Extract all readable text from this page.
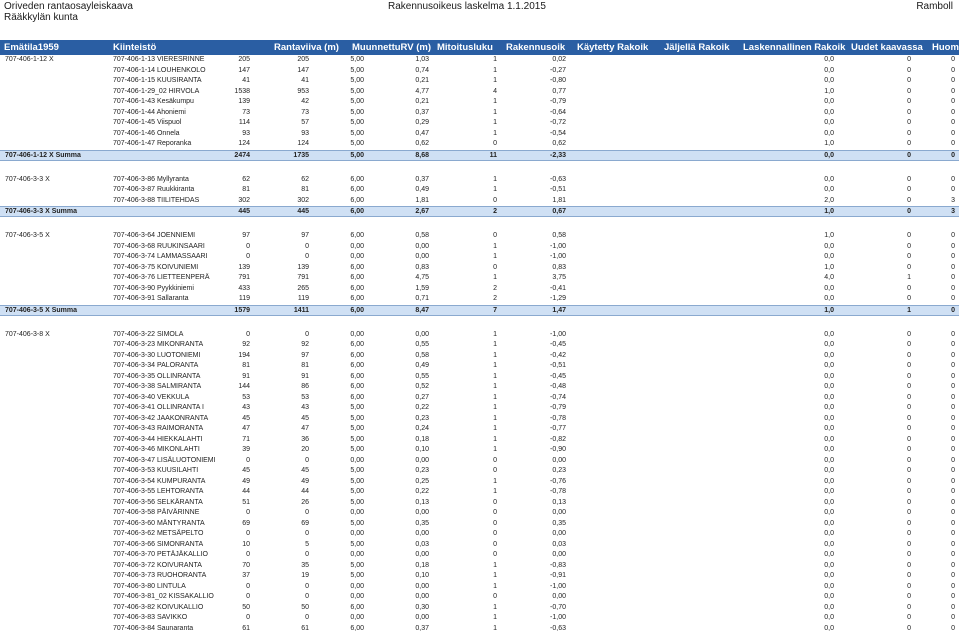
Oriveden rantaosayleiskaava
Rääkkylän kunta
Rakennusoikeus laskelma 1.1.2015	Ramboll
Emätila1959	Kiinteistö	Rantaviiva (m) MuunnettuRV (m) Mitoitusluku Rakennusoik Käytetty Rakoik Jäljellä Rakoik Laskennallinen Rakoik Uudet kaavassa Huom
707-406-1-12 X	707-406-1-13 VIERESRINNE	205	205	5,00	1,03	1	0,02	0,0	0	0
707-406-1-14 LOUHENKOLO	147	147	5,00	0,74	1	-0,27	0,0	0	0
707-406-1-15 KUUSIRANTA	41	41	5,00	0,21	1	-0,80	0,0	0	0
707-406-1-29_02 HIRVOLA	1538	953	5,00	4,77	4	0,77	1,0	0	0
707-406-1-43 Kesäkumpu	139	42	5,00	0,21	1	-0,79	0,0	0	0
707-406-1-44 Ahoniemi	73	73	5,00	0,37	1	-0,64	0,0	0	0
707-406-1-45 Viispuol	114	57	5,00	0,29	1	-0,72	0,0	0	0
707-406-1-46 Onnela	93	93	5,00	0,47	1	-0,54	0,0	0	0
707-406-1-47 Reporanka	124	124	5,00	0,62	0	0,62	1,0	0	0
707-406-1-12 X Summa	2474	1735	5,00	8,68	11	-2,33	0,0	0	0
707-406-3-3 X	707-406-3-86 Myllyranta	62	62	6,00	0,37	1	-0,63	0,0	0	0
707-406-3-87 Ruukkiranta	81	81	6,00	0,49	1	-0,51	0,0	0	0
707-406-3-88 TIILITEHDAS	302	302	6,00	1,81	0	1,81	2,0	0	3
707-406-3-3 X Summa	445	445	6,00	2,67	2	0,67	1,0	0	3
707-406-3-5 X	707-406-3-64 JOENNIEMI	97	97	6,00	0,58	0	0,58	1,0	0	0
707-406-3-68 RUUKINSAARI	0	0	0,00	0,00	1	-1,00	0,0	0	0
707-406-3-74 LAMMASSAARI	0	0	0,00	0,00	1	-1,00	0,0	0	0
707-406-3-75 KOIVUNIEMI	139	139	6,00	0,83	0	0,83	1,0	0	0
707-406-3-76 LIETTEENPERÄ	791	791	6,00	4,75	1	3,75	4,0	1	0
707-406-3-90 Pyykkiniemi	433	265	6,00	1,59	2	-0,41	0,0	0	0
707-406-3-91 Sallaranta	119	119	6,00	0,71	2	-1,29	0,0	0	0
707-406-3-5 X Summa	1579	1411	6,00	8,47	7	1,47	1,0	1	0
707-406-3-8 X	707-406-3-22 SIMOLA	0	0	0,00	0,00	1	-1,00	0,0	0	0
707-406-3-23 MIKONRANTA	92	92	6,00	0,55	1	-0,45	0,0	0	0
707-406-3-30 LUOTONIEMI	194	97	6,00	0,58	1	-0,42	0,0	0	0
707-406-3-34 PALORANTA	81	81	6,00	0,49	1	-0,51	0,0	0	0
707-406-3-35 OLLINRANTA	91	91	6,00	0,55	1	-0,45	0,0	0	0
707-406-3-38 SALMIRANTA	144	86	6,00	0,52	1	-0,48	0,0	0	0
707-406-3-40 VEKKULA	53	53	6,00	0,27	1	-0,74	0,0	0	0
707-406-3-41 OLLINRANTA I	43	43	5,00	0,22	1	-0,79	0,0	0	0
707-406-3-42 JAAKONRANTA	45	45	5,00	0,23	1	-0,78	0,0	0	0
707-406-3-43 RAIMORANTA	47	47	5,00	0,24	1	-0,77	0,0	0	0
707-406-3-44 HIEKKALAHTI	71	36	5,00	0,18	1	-0,82	0,0	0	0
707-406-3-46 MIKONLAHTI	39	20	5,00	0,10	1	-0,90	0,0	0	0
707-406-3-47 LISÄLUOTONIEMI	0	0	0,00	0,00	0	0,00	0,0	0	0
707-406-3-53 KUUSILAHTI	45	45	5,00	0,23	0	0,23	0,0	0	0
707-406-3-54 KUMPURANTA	49	49	5,00	0,25	1	-0,76	0,0	0	0
707-406-3-55 LEHTORANTA	44	44	5,00	0,22	1	-0,78	0,0	0	0
707-406-3-56 SELKÄRANTA	51	26	5,00	0,13	0	0,13	0,0	0	0
707-406-3-58 PÄIVÄRINNE	0	0	0,00	0,00	0	0,00	0,0	0	0
707-406-3-60 MÄNTYRANTA	69	69	5,00	0,35	0	0,35	0,0	0	0
707-406-3-62 METSÄPELTO	0	0	0,00	0,00	0	0,00	0,0	0	0
707-406-3-66 SIMONRANTA	10	5	5,00	0,03	0	0,03	0,0	0	0
707-406-3-70 PETÄJÄKALLIO	0	0	0,00	0,00	0	0,00	0,0	0	0
707-406-3-72 KOIVURANTA	70	35	5,00	0,18	1	-0,83	0,0	0	0
707-406-3-73 RUOHORANTA	37	19	5,00	0,10	1	-0,91	0,0	0	0
707-406-3-80 LINTULA	0	0	0,00	0,00	1	-1,00	0,0	0	0
707-406-3-81_02 KISSAKALLIO	0	0	0,00	0,00	0	0,00	0,0	0	0
707-406-3-82 KOIVUKALLIO	50	50	6,00	0,30	1	-0,70	0,0	0	0
707-406-3-83 SAVIKKO	0	0	0,00	0,00	1	-1,00	0,0	0	0
707-406-3-84 Saunaranta	61	61	6,00	0,37	1	-0,63	0,0	0	0
